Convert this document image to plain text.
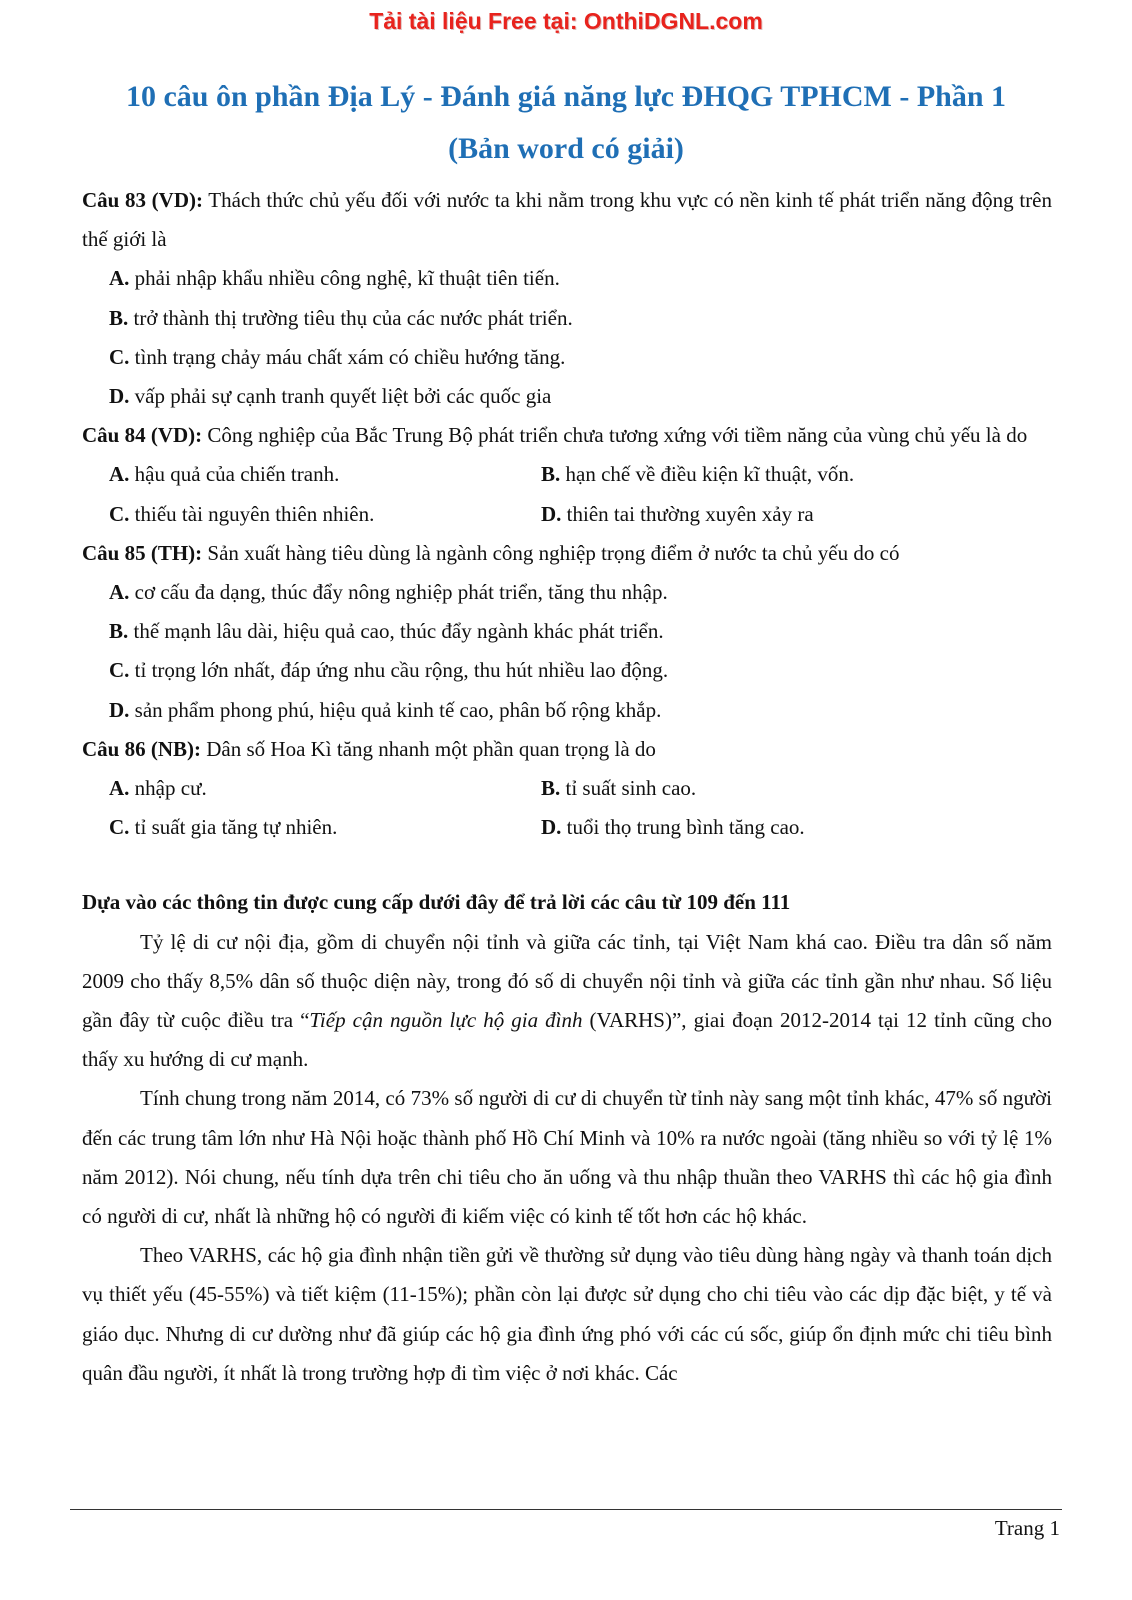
Tải tài liệu Free tại: OnthiDGNL.com
10 câu ôn phần Địa Lý - Đánh giá năng lực ĐHQG TPHCM - Phần 1
(Bản word có giải)
Câu 83 (VD): Thách thức chủ yếu đối với nước ta khi nằm trong khu vực có nền kinh tế phát triển năng động trên thế giới là
A. phải nhập khẩu nhiều công nghệ, kĩ thuật tiên tiến.
B. trở thành thị trường tiêu thụ của các nước phát triển.
C. tình trạng chảy máu chất xám có chiều hướng tăng.
D. vấp phải sự cạnh tranh quyết liệt bởi các quốc gia
Câu 84 (VD): Công nghiệp của Bắc Trung Bộ phát triển chưa tương xứng với tiềm năng của vùng chủ yếu là do
A. hậu quả của chiến tranh.	B. hạn chế về điều kiện kĩ thuật, vốn.
C. thiếu tài nguyên thiên nhiên.	D. thiên tai thường xuyên xảy ra
Câu 85 (TH): Sản xuất hàng tiêu dùng là ngành công nghiệp trọng điểm ở nước ta chủ yếu do có
A. cơ cấu đa dạng, thúc đẩy nông nghiệp phát triển, tăng thu nhập.
B. thế mạnh lâu dài, hiệu quả cao, thúc đẩy ngành khác phát triển.
C. tỉ trọng lớn nhất, đáp ứng nhu cầu rộng, thu hút nhiều lao động.
D. sản phẩm phong phú, hiệu quả kinh tế cao, phân bố rộng khắp.
Câu 86 (NB): Dân số Hoa Kì tăng nhanh một phần quan trọng là do
A. nhập cư.	B. tỉ suất sinh cao.
C. tỉ suất gia tăng tự nhiên.	D. tuổi thọ trung bình tăng cao.
Dựa vào các thông tin được cung cấp dưới đây để trả lời các câu từ 109 đến 111
Tỷ lệ di cư nội địa, gồm di chuyển nội tỉnh và giữa các tỉnh, tại Việt Nam khá cao. Điều tra dân số năm 2009 cho thấy 8,5% dân số thuộc diện này, trong đó số di chuyển nội tỉnh và giữa các tỉnh gần như nhau. Số liệu gần đây từ cuộc điều tra “Tiếp cận nguồn lực hộ gia đình (VARHS)”, giai đoạn 2012-2014 tại 12 tỉnh cũng cho thấy xu hướng di cư mạnh.
Tính chung trong năm 2014, có 73% số người di cư di chuyển từ tỉnh này sang một tỉnh khác, 47% số người đến các trung tâm lớn như Hà Nội hoặc thành phố Hồ Chí Minh và 10% ra nước ngoài (tăng nhiều so với tỷ lệ 1% năm 2012). Nói chung, nếu tính dựa trên chi tiêu cho ăn uống và thu nhập thuần theo VARHS thì các hộ gia đình có người di cư, nhất là những hộ có người đi kiếm việc có kinh tế tốt hơn các hộ khác.
Theo VARHS, các hộ gia đình nhận tiền gửi về thường sử dụng vào tiêu dùng hàng ngày và thanh toán dịch vụ thiết yếu (45-55%) và tiết kiệm (11-15%); phần còn lại được sử dụng cho chi tiêu vào các dịp đặc biệt, y tế và giáo dục. Nhưng di cư dường như đã giúp các hộ gia đình ứng phó với các cú sốc, giúp ổn định mức chi tiêu bình quân đầu người, ít nhất là trong trường hợp đi tìm việc ở nơi khác. Các
Trang 1
